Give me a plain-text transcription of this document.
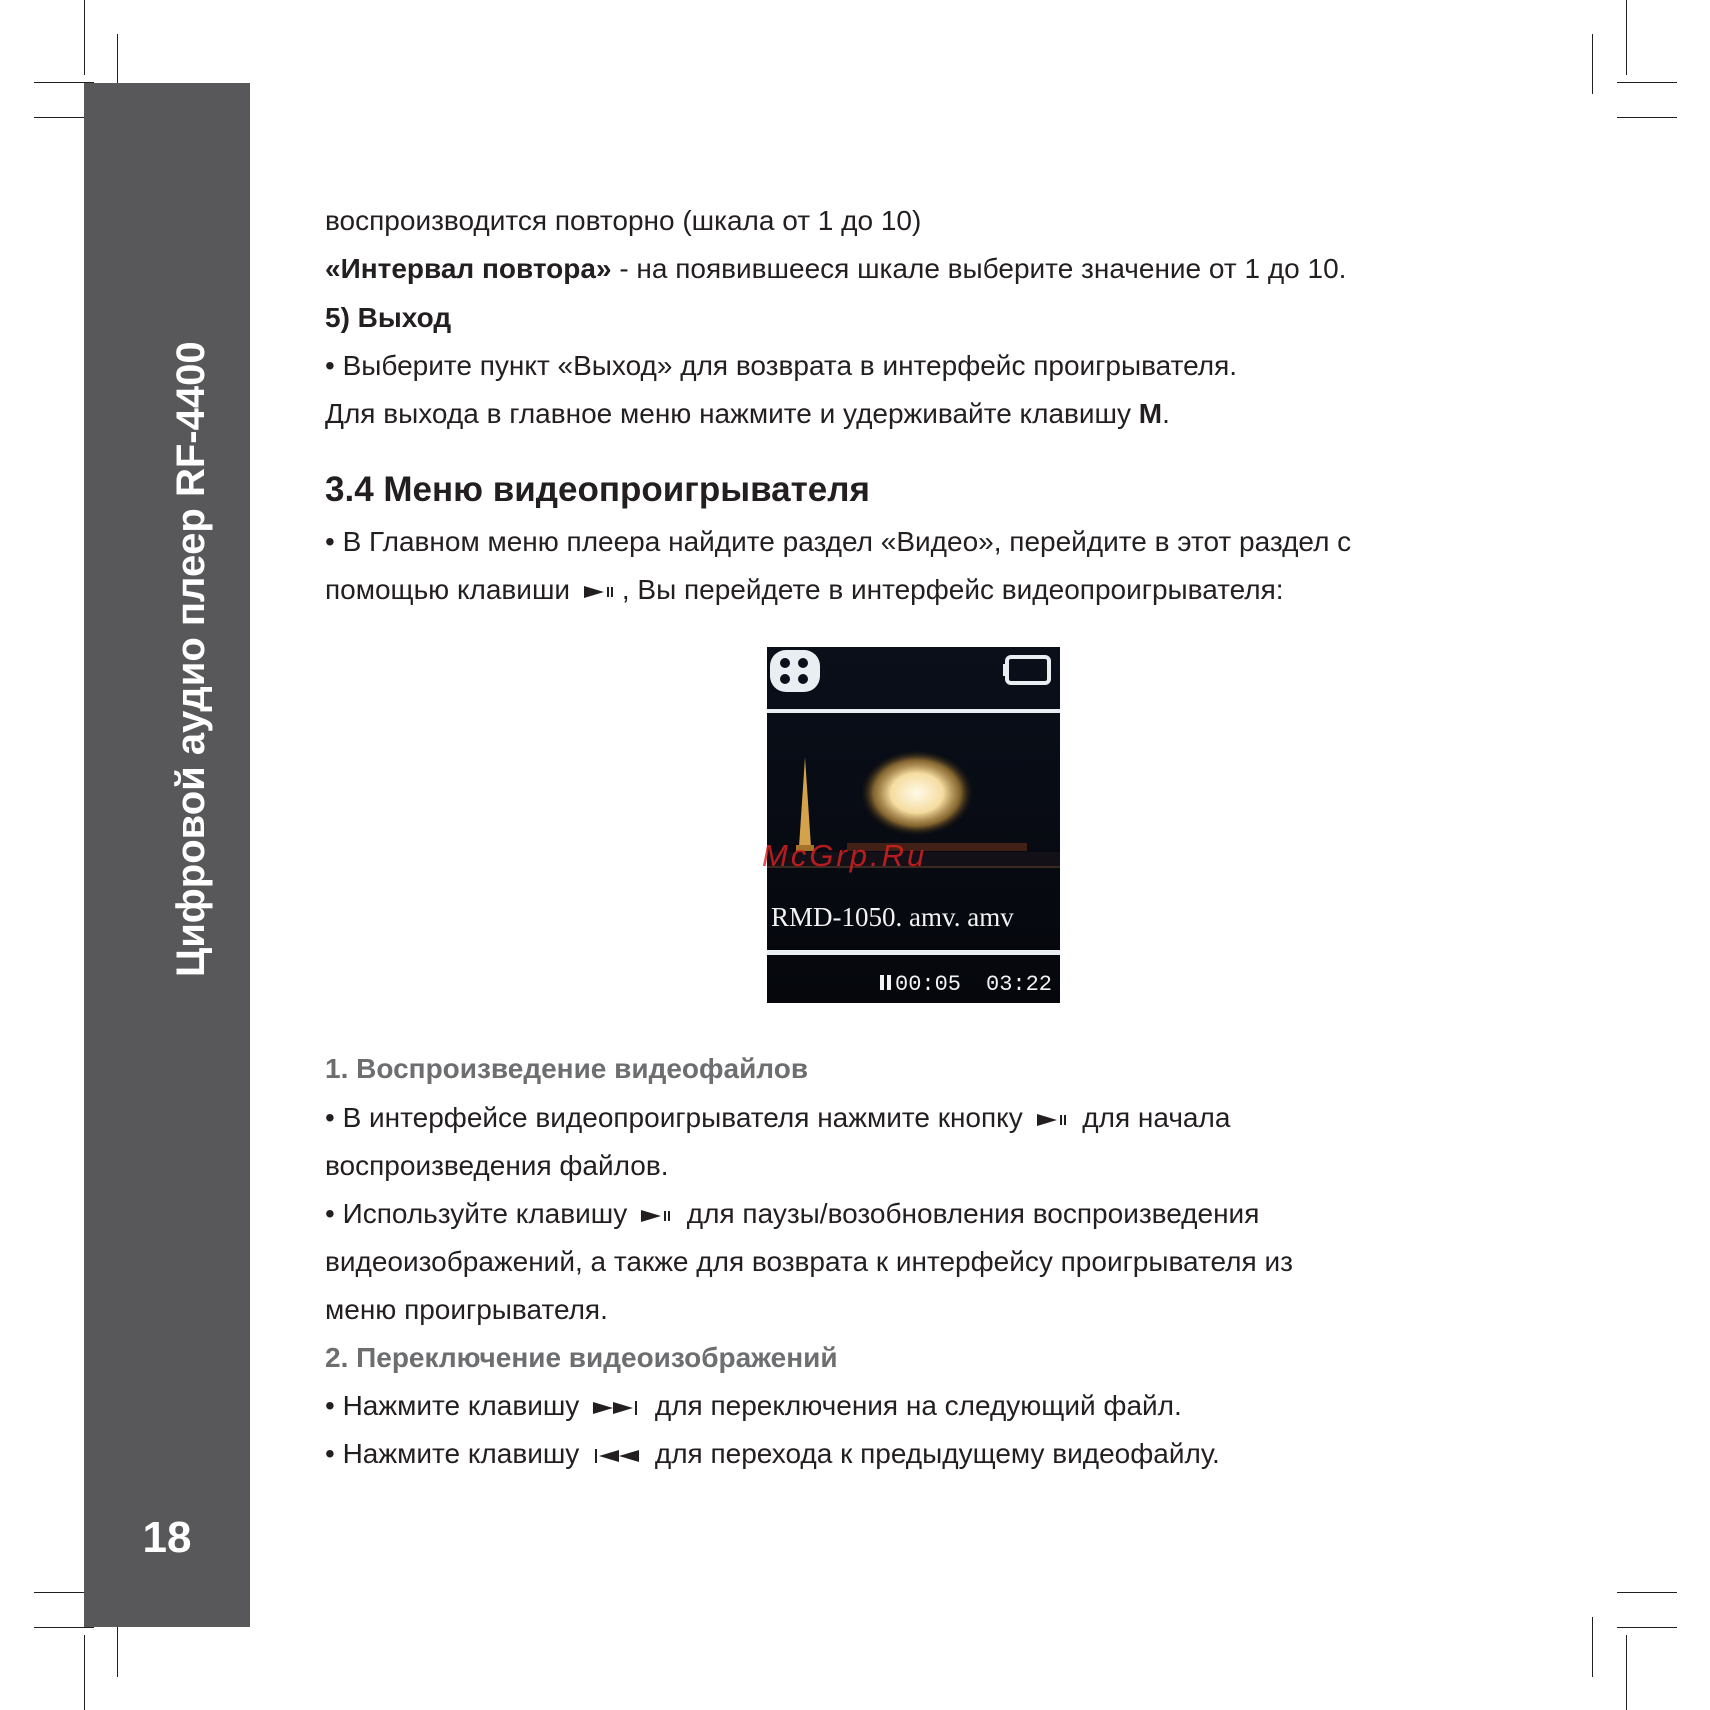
Цифровой аудио плеер RF-4400
18
воспроизводится повторно (шкала от 1 до 10)
«Интервал повтора» - на появившееся шкале выберите значение от 1 до 10.
5) Выход
• Выберите пункт «Выход» для возврата в интерфейс проигрывателя.
Для выхода в главное меню нажмите и удерживайте клавишу M.
3.4 Меню видеопроигрывателя
• В Главном меню плеера найдите раздел «Видео», перейдите в этот раздел с
помощью клавиши , Вы перейдете в интерфейс видеопроигрывателя:
1. Воспроизведение видеофайлов
• В интерфейсе видеопроигрывателя нажмите кнопку для начала
воспроизведения файлов.
• Используйте клавишу для паузы/возобновления воспроизведения
видеоизображений, а также для возврата к интерфейсу проигрывателя из
меню проигрывателя.
2. Переключение видеоизображений
• Нажмите клавишу	для переключения на следующий файл.
• Нажмите клавишу	для перехода к предыдущему видеофайлу.
RMD-1050. amv. amv
00:05 03:22
McGrp.Ru
